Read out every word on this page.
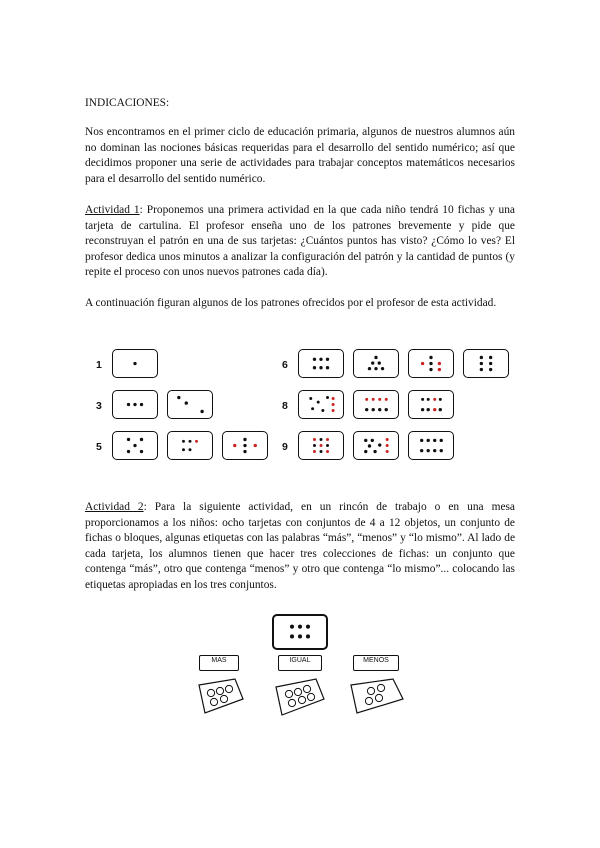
INDICACIONES:

Nos encontramos en el primer ciclo de educación primaria, algunos de nuestros alumnos aún no dominan las nociones básicas requeridas para el desarrollo del sentido numérico; así que decidimos proponer una serie de actividades para trabajar conceptos matemáticos necesarios para el desarrollo del sentido numérico.

Actividad 1: Proponemos una primera actividad en la que cada niño tendrá 10 fichas y una tarjeta de cartulina. El profesor enseña uno de los patrones brevemente y pide que reconstruyan el patrón en una de sus tarjetas: ¿Cuántos puntos has visto? ¿Cómo lo ves? El profesor dedica unos minutos a analizar la configuración del patrón y la cantidad de puntos (y repite el proceso con unos nuevos patrones cada día).

A continuación figuran algunos de los patrones ofrecidos por el profesor de esta actividad.

1
3
5
6
8
9

Actividad 2: Para la siguiente actividad, en un rincón de trabajo o en una mesa proporcionamos a los niños: ocho tarjetas con conjuntos de 4 a 12 objetos, un conjunto de fichas o bloques, algunas etiquetas con las palabras “más”, “menos” y “lo mismo”. Al lado de cada tarjeta, los alumnos tienen que hacer tres colecciones de fichas: un conjunto que contenga “más”, otro que contenga “menos” y otro que contenga “lo mismo”... colocando las etiquetas apropiadas en los tres conjuntos.

MAS	IGUAL	MENOS
